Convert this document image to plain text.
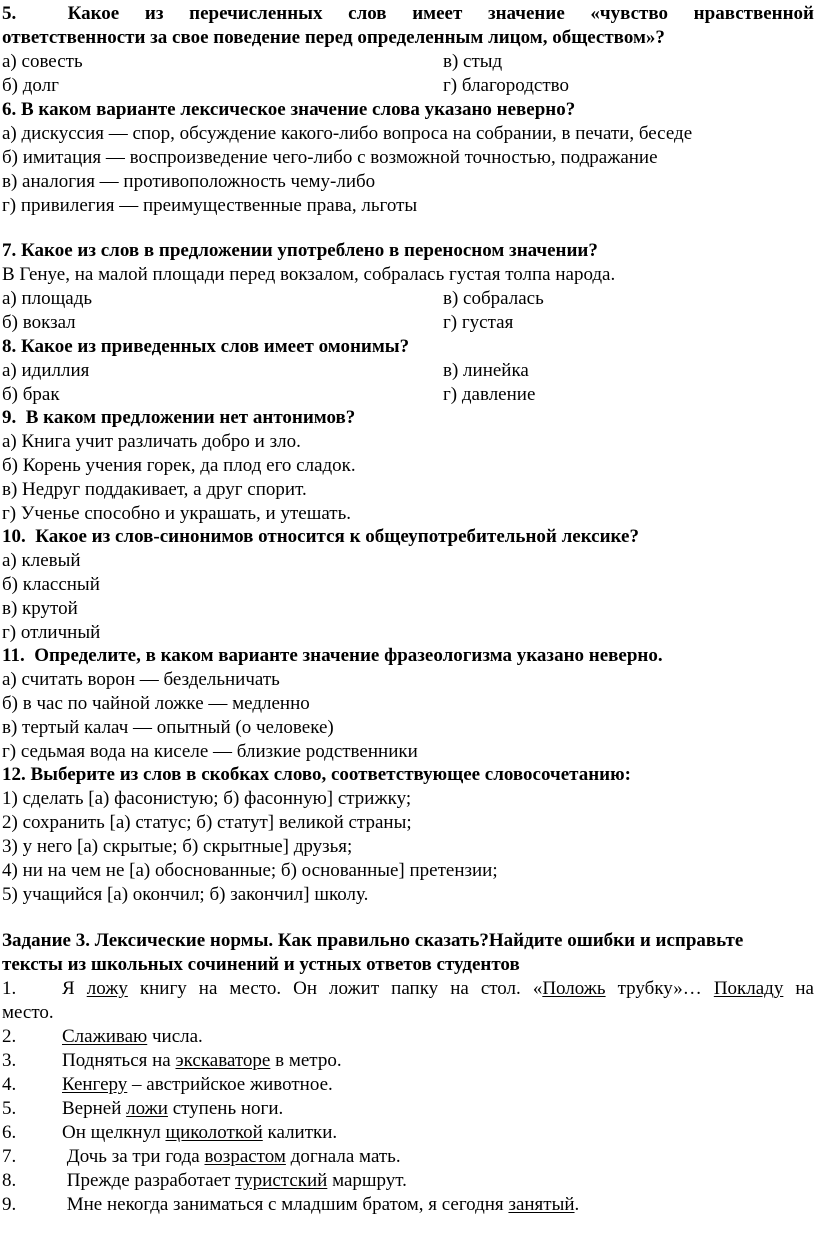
5.      Какое   из   перечисленных   слов   имеет   значение   «чувство   нравственной
ответственности за свое поведение перед определенным лицом, обществом»?
а) совесть	в) стыд
б) долг	г) благородство
6. В каком варианте лексическое значение слова указано неверно?
а) дискуссия — спор, обсуждение какого-либо вопроса на собрании, в печати, беседе
б) имитация — воспроизведение чего-либо с возможной точностью, подражание
в) аналогия — противоположность чему-либо
г) привилегия — преимущественные права, льготы
7. Какое из слов в предложении употреблено в переносном значении?
В Генуе, на малой площади перед вокзалом, собралась густая толпа народа.
а) площадь	в) собралась
б) вокзал	г) густая
8. Какое из приведенных слов имеет омонимы?
а) идиллия	в) линейка
б) брак	г) давление
9.  В каком предложении нет антонимов?
а) Книга учит различать добро и зло.
б) Корень учения горек, да плод его сладок.
в) Недруг поддакивает, а друг спорит.
г) Ученье способно и украшать, и утешать.
10.  Какое из слов-синонимов относится к общеупотребительной лексике?
а) клевый
б) классный
в) крутой
г) отличный
11.  Определите, в каком варианте значение фразеологизма указано неверно.
а) считать ворон — бездельничать
б) в час по чайной ложке — медленно
в) тертый калач — опытный (о человеке)
г) седьмая вода на киселе — близкие родственники
12. Выберите из слов в скобках слово, соответствующее словосочетанию:
1) сделать [а) фасонистую; б) фасонную] стрижку;
2) сохранить [а) статус; б) статут] великой страны;
3) у него [а) скрытые; б) скрытные] друзья;
4) ни на чем не [а) обоснованные; б) основанные] претензии;
5) учащийся [а) окончил; б) закончил] школу.
Задание 3. Лексические нормы. Как правильно сказать?Найдите ошибки и исправьте
тексты из школьных сочинений и устных ответов студентов
1. Я ложу книгу на место. Он ложит папку на стол. «Положь трубку»… Покладу на
место.
2. Слаживаю числа.
3. Подняться на экскаваторе в метро.
4. Кенгеру – австрийское животное.
5. Верней ложи ступень ноги.
6. Он щелкнул щиколоткой калитки.
7. Дочь за три года возрастом догнала мать.
8. Прежде разработает туристский маршрут.
9. Мне некогда заниматься с младшим братом, я сегодня занятый.
